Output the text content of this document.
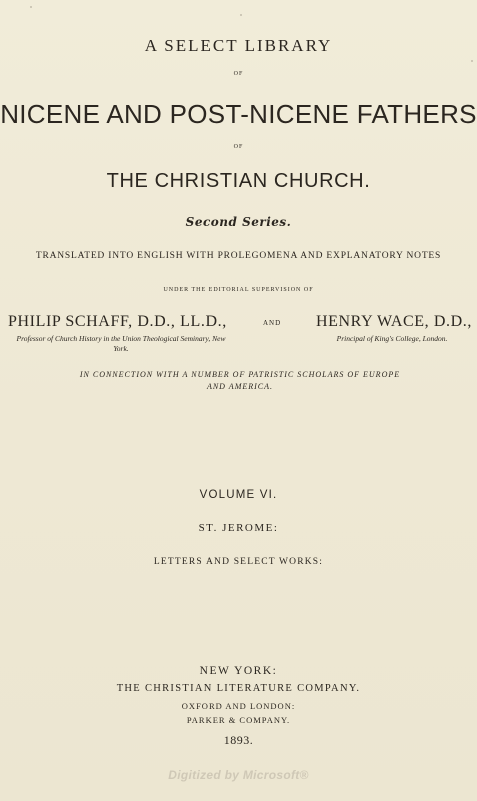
A SELECT LIBRARY
OF
NICENE AND POST-NICENE FATHERS
OF
THE CHRISTIAN CHURCH.
Second Series.
TRANSLATED INTO ENGLISH WITH PROLEGOMENA AND EXPLANATORY NOTES
UNDER THE EDITORIAL SUPERVISION OF
PHILIP SCHAFF, D.D., LL.D.,
Professor of Church History in the Union Theological Seminary, New York.
AND HENRY WACE, D.D.,
Principal of King's College, London.
IN CONNECTION WITH A NUMBER OF PATRISTIC SCHOLARS OF EUROPE AND AMERICA.
VOLUME VI.
ST. JEROME:
LETTERS AND SELECT WORKS:
NEW YORK:
THE CHRISTIAN LITERATURE COMPANY.
OXFORD AND LONDON:
PARKER & COMPANY.
1893.
Digitized by Microsoft®
